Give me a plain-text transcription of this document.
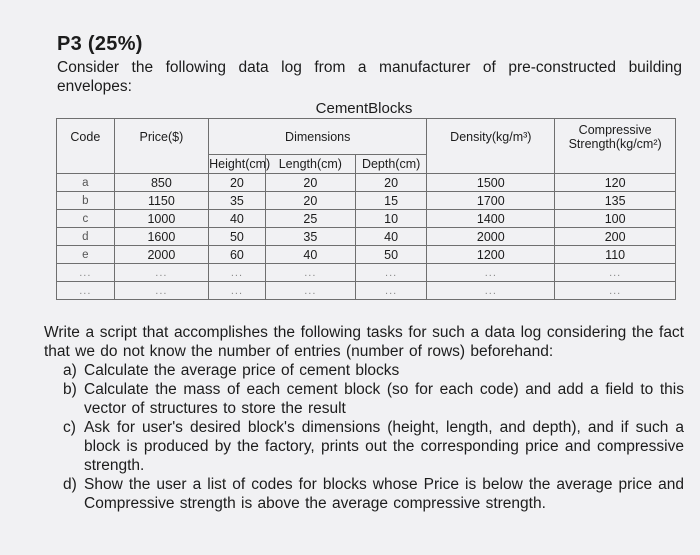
P3 (25%)
Consider the following data log from a manufacturer of pre-constructed building envelopes:
CementBlocks
Code	Price($)	Dimensions			Density(kg/m³)	Compressive
Strength(kg/cm²)

		Height(cm)	Length(cm)	Depth(cm)		
a	850	20	20	20	1500	120
b	1150	35	20	15	1700	135
c	1000	40	25	10	1400	100
d	1600	50	35	40	2000	200
e	2000	60	40	50	1200	110
...	...	...	...	...	...	...
...	...	...	...	...	...	...

Write a script that accomplishes the following tasks for such a data log considering the fact that we do not know the number of entries (number of rows) beforehand:

a) Calculate the average price of cement blocks
b) Calculate the mass of each cement block (so for each code) and add a field to this vector of structures to store the result
c) Ask for user's desired block's dimensions (height, length, and depth), and if such a block is produced by the factory, prints out the corresponding price and compressive strength.
d) Show the user a list of codes for blocks whose Price is below the average price and Compressive strength is above the average compressive strength.
